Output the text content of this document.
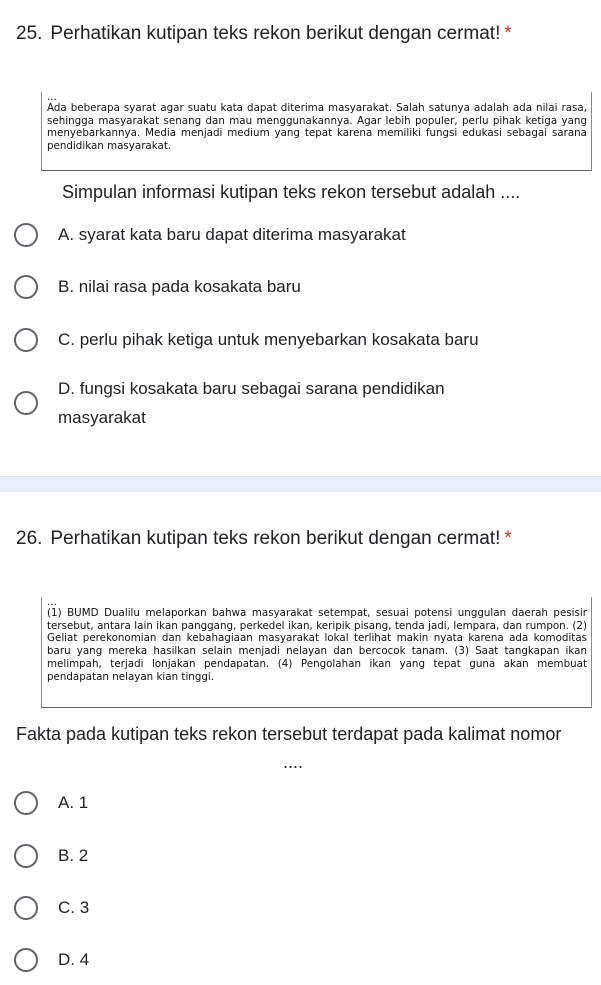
25. Perhatikan kutipan teks rekon berikut dengan cermat! *
...
Ada beberapa syarat agar suatu kata dapat diterima masyarakat. Salah satunya adalah ada nilai rasa, sehingga masyarakat senang dan mau menggunakannya. Agar lebih populer, perlu pihak ketiga yang menyebarkannya. Media menjadi medium yang tepat karena memiliki fungsi edukasi sebagai sarana pendidikan masyarakat.
Simpulan informasi kutipan teks rekon tersebut adalah ....
A. syarat kata baru dapat diterima masyarakat
B. nilai rasa pada kosakata baru
C. perlu pihak ketiga untuk menyebarkan kosakata baru
D. fungsi kosakata baru sebagai sarana pendidikan
masyarakat
26. Perhatikan kutipan teks rekon berikut dengan cermat! *
...
(1) BUMD Dualilu melaporkan bahwa masyarakat setempat, sesuai potensi unggulan daerah pesisir tersebut, antara lain ikan panggang, perkedel ikan, keripik pisang, tenda jadi, lempara, dan rumpon. (2) Geliat perekonomian dan kebahagiaan masyarakat lokal terlihat makin nyata karena ada komoditas baru yang mereka hasilkan selain menjadi nelayan dan bercocok tanam. (3) Saat tangkapan ikan melimpah, terjadi lonjakan pendapatan. (4) Pengolahan ikan yang tepat guna akan membuat pendapatan nelayan kian tinggi.
Fakta pada kutipan teks rekon tersebut terdapat pada kalimat nomor
....
A. 1
B. 2
C. 3
D. 4
